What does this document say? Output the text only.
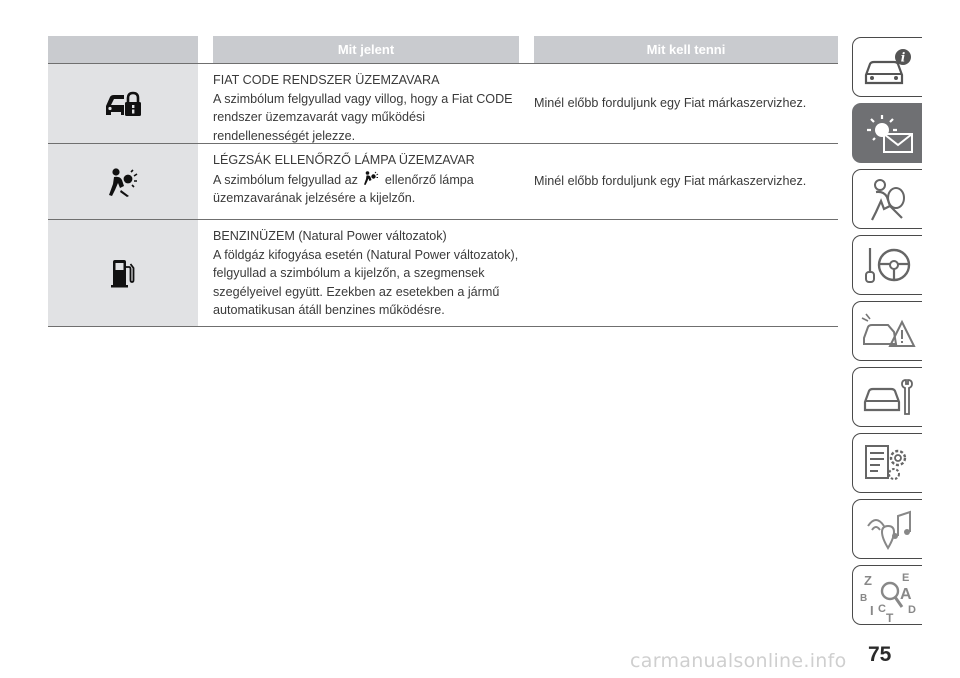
Mit jelent	Mit kell tenni
FIAT CODE RENDSZER ÜZEMZAVARA
A szimbólum felgyullad vagy villog, hogy a Fiat CODE rendszer üzemzavarát vagy működési rendellenességét jelezze.
Minél előbb forduljunk egy Fiat márkaszervizhez.
LÉGZSÁK ELLENŐRZŐ LÁMPA ÜZEMZAVAR
A szimbólum felgyullad az ellenőrző lámpa üzemzavarának jelzésére a kijelzőn.
Minél előbb forduljunk egy Fiat márkaszervizhez.
BENZINÜZEM (Natural Power változatok)
A földgáz kifogyása esetén (Natural Power változatok), felgyullad a szimbólum a kijelzőn, a szegmensek szegélyeivel együtt. Ezekben az esetekben a jármű automatikusan átáll benzines működésre.
i
Z	E
B
I C
T
A
D
75
carmanualsonline.info
